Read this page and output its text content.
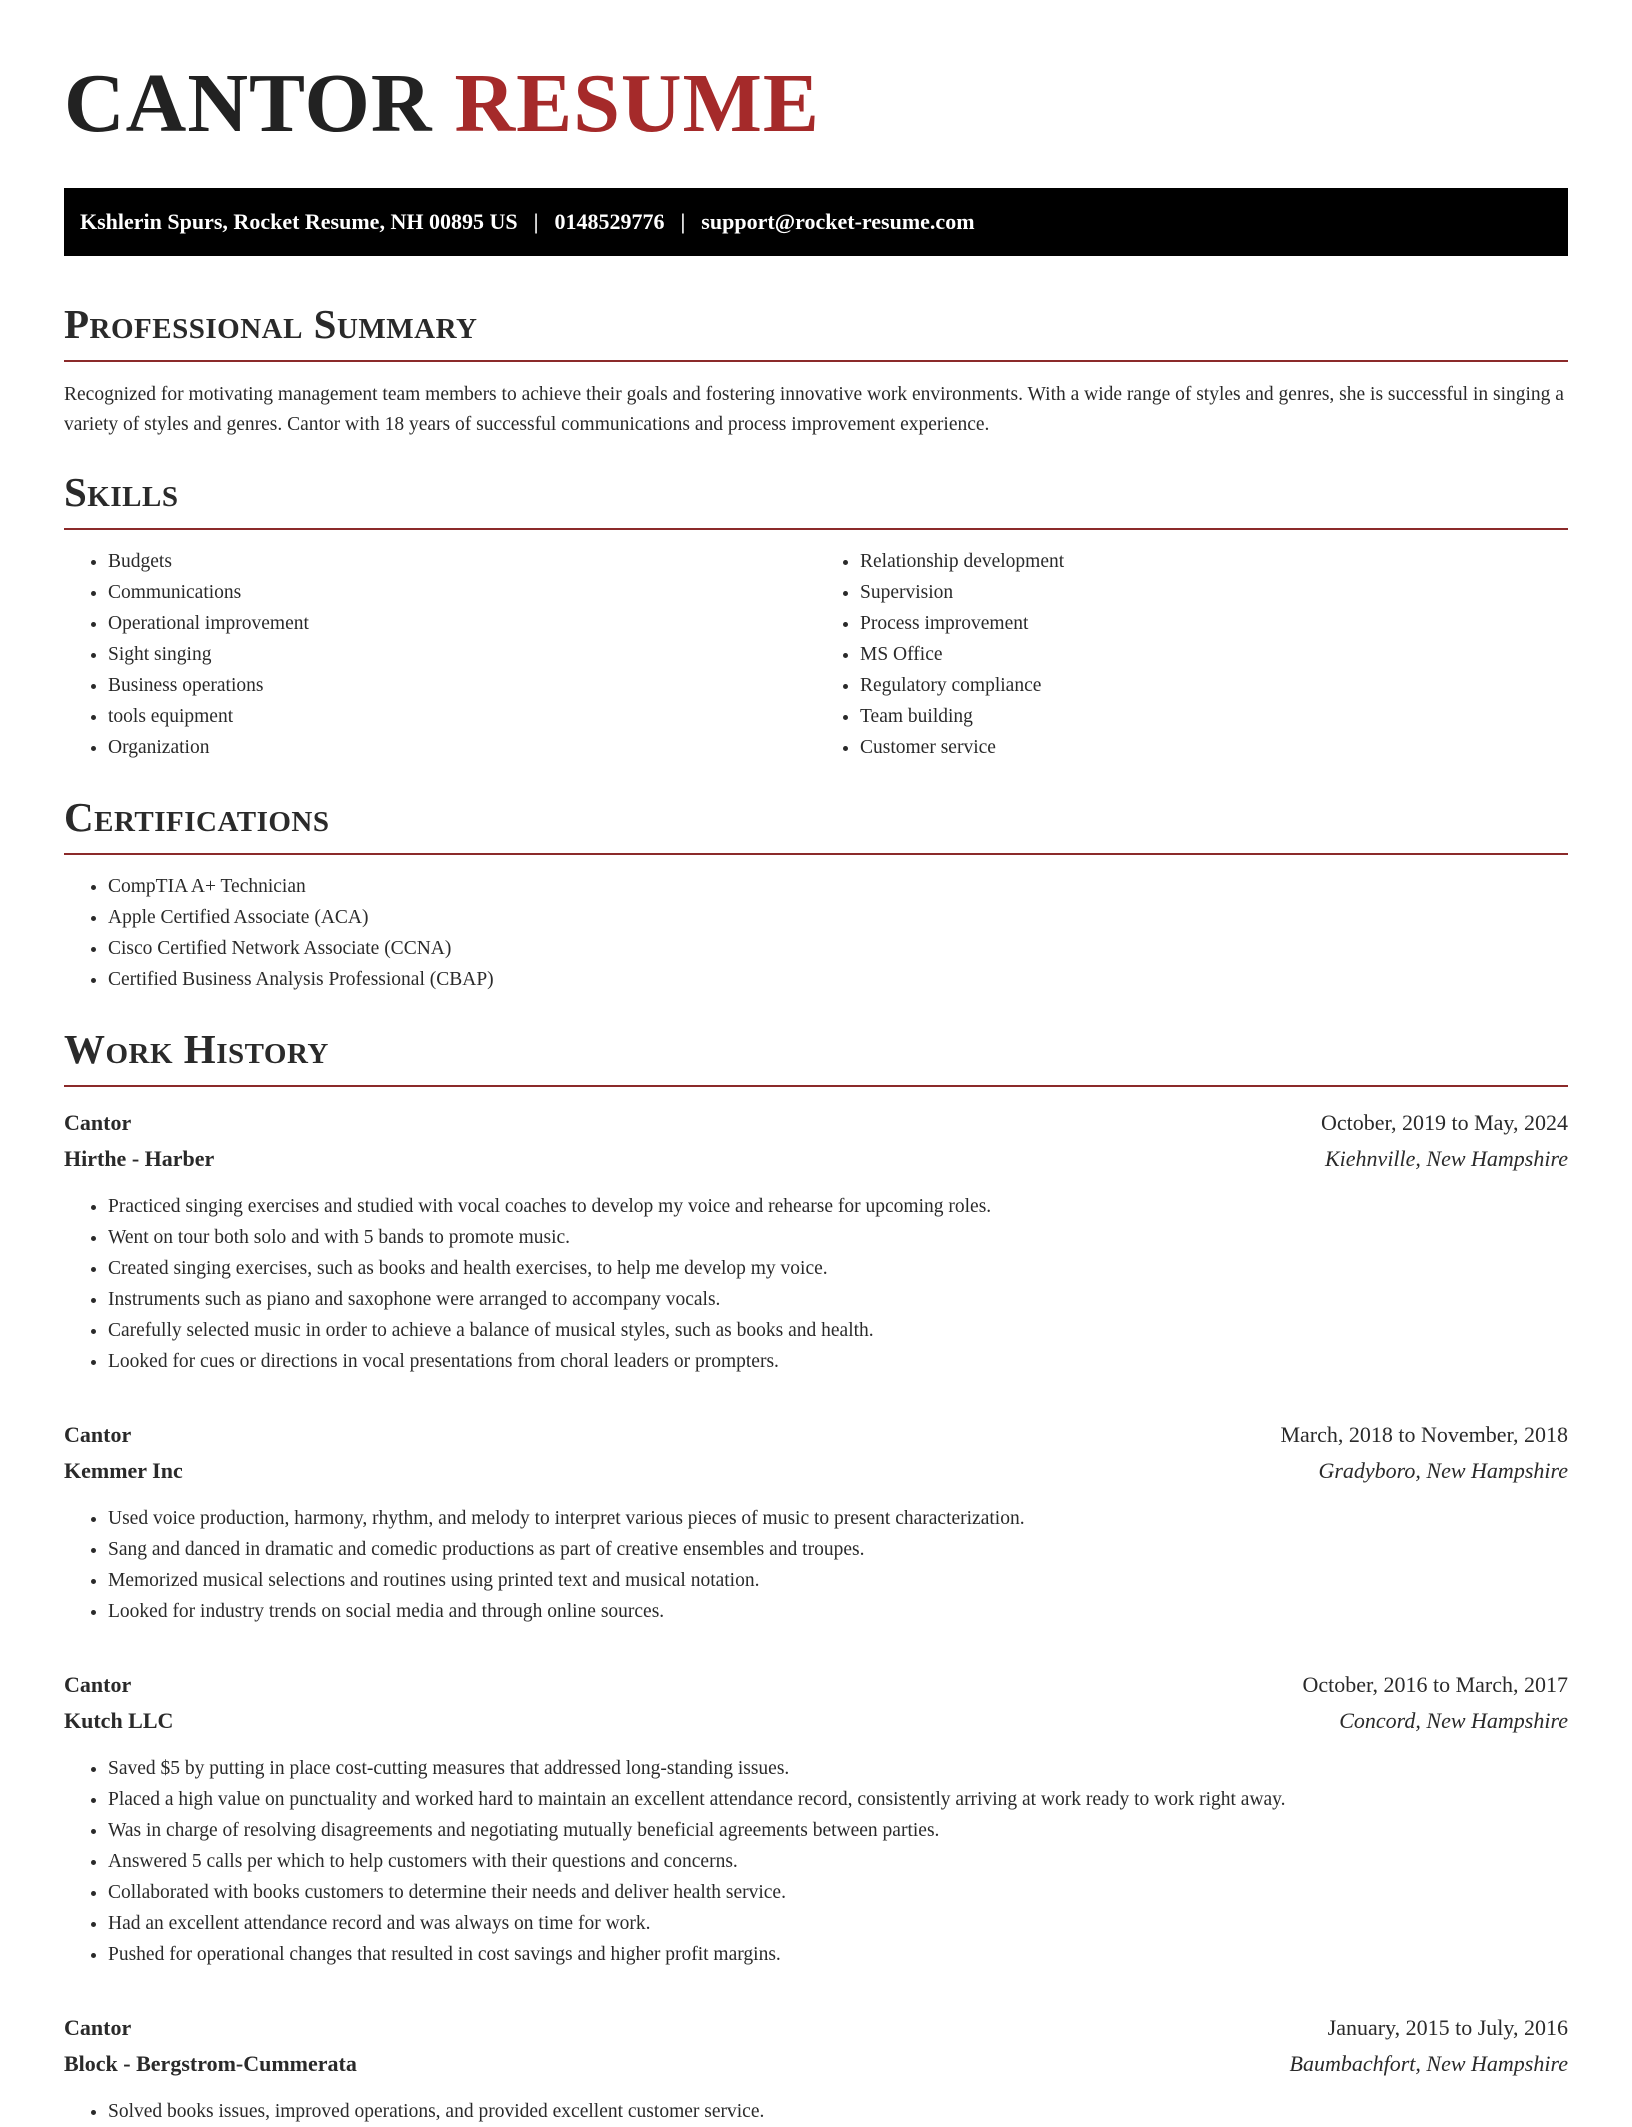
CANTOR RESUME
Kshlerin Spurs, Rocket Resume, NH 00895 US | 0148529776 | support@rocket-resume.com
Professional Summary

Recognized for motivating management team members to achieve their goals and fostering innovative work environments. With a wide range of styles and genres, she is successful in singing a variety of styles and genres. Cantor with 18 years of successful communications and process improvement experience.

Skills
• Budgets
• Communications
• Operational improvement
• Sight singing
• Business operations
• tools equipment
• Organization
• Relationship development
• Supervision
• Process improvement
• MS Office
• Regulatory compliance
• Team building
• Customer service
Certifications
• CompTIA A+ Technician
• Apple Certified Associate (ACA)
• Cisco Certified Network Associate (CCNA)
• Certified Business Analysis Professional (CBAP)
Work History
Cantor	October, 2019 to May, 2024
Hirthe - Harber	Kiehnville, New Hampshire
• Practiced singing exercises and studied with vocal coaches to develop my voice and rehearse for upcoming roles.
• Went on tour both solo and with 5 bands to promote music.
• Created singing exercises, such as books and health exercises, to help me develop my voice.
• Instruments such as piano and saxophone were arranged to accompany vocals.
• Carefully selected music in order to achieve a balance of musical styles, such as books and health.
• Looked for cues or directions in vocal presentations from choral leaders or prompters.
Cantor	March, 2018 to November, 2018
Kemmer Inc	Gradyboro, New Hampshire
• Used voice production, harmony, rhythm, and melody to interpret various pieces of music to present characterization.
• Sang and danced in dramatic and comedic productions as part of creative ensembles and troupes.
• Memorized musical selections and routines using printed text and musical notation.
• Looked for industry trends on social media and through online sources.
Cantor	October, 2016 to March, 2017
Kutch LLC	Concord, New Hampshire
• Saved $5 by putting in place cost-cutting measures that addressed long-standing issues.
• Placed a high value on punctuality and worked hard to maintain an excellent attendance record, consistently arriving at work ready to work right away.
• Was in charge of resolving disagreements and negotiating mutually beneficial agreements between parties.
• Answered 5 calls per which to help customers with their questions and concerns.
• Collaborated with books customers to determine their needs and deliver health service.
• Had an excellent attendance record and was always on time for work.
• Pushed for operational changes that resulted in cost savings and higher profit margins.
Cantor	January, 2015 to July, 2016
Block - Bergstrom-Cummerata	Baumbachfort, New Hampshire
• Solved books issues, improved operations, and provided excellent customer service.
